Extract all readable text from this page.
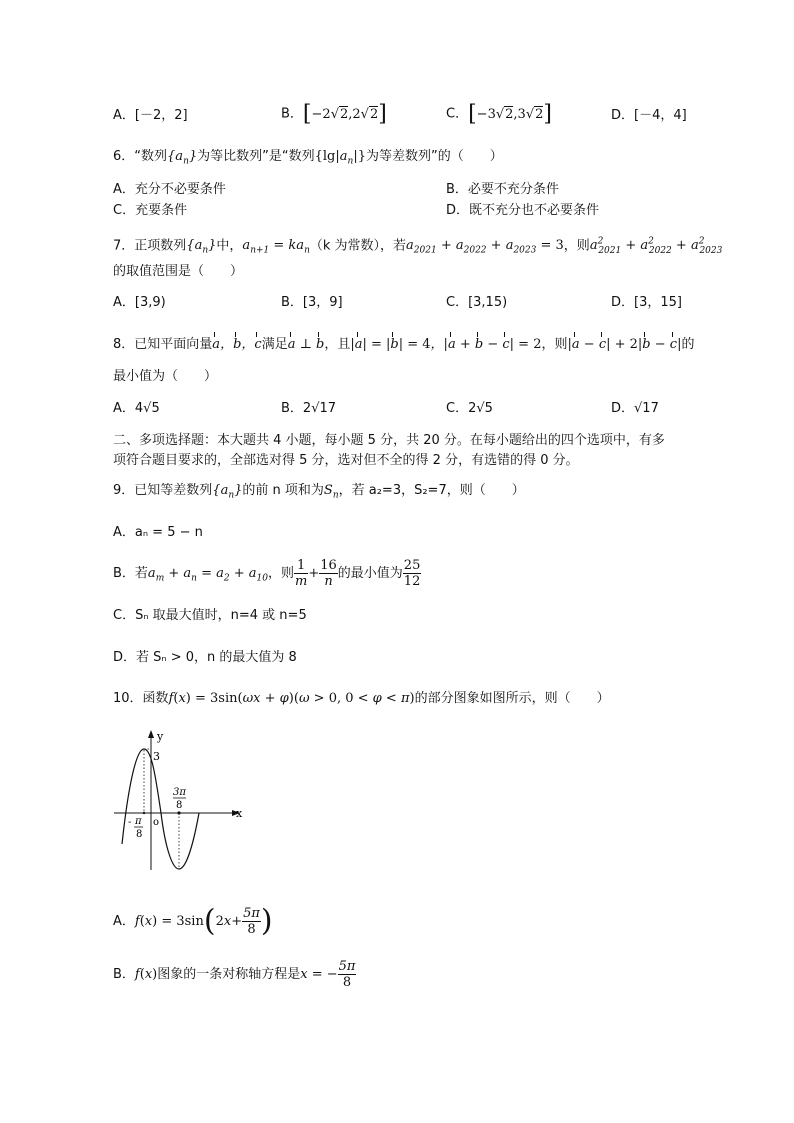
A．[－2，2]	B．[−2√2,2√2]	C．[−3√2,3√2]	D．[－4，4]
6．“数列$\{a_n\}$为等比数列”是“数列$\{\lg|a_n|\}$为等差数列”的（　　）
A．充分不必要条件	B．必要不充分条件
C．充要条件	D．既不充分也不必要条件
7．正项数列$\{a_n\}$中，$a_{n+1} = ka_n(k$ 为常数），若$a_{2021} + a_{2022} + a_{2023} = 3$，则$a^2_{2021} + a^2_{2022} + a^2_{2023}$
的取值范围是（　　）
A．[3,9)	B．[3，9]	C．[3,15)	D．[3，15]
8．已知平面向量a，b，c满足a ⊥ b，且|a| = |b| = 4，|a + b − c| = 2，则|a − c| + 2|b − c|的
最小值为（　　）
A．4√5	B．2√17	C．2√5	D．√17
二、多项选择题：本大题共 4 小题，每小题 5 分，共 20 分。在每小题给出的四个选项中，有多
项符合题目要求的，全部选对得 5 分，选对但不全的得 2 分，有选错的得 0 分。
9．已知等差数列$\{a_n\}$的前 n 项和为$S_n$，若 a₂=3，S₂=7，则（　　）
A．aₙ = 5 − n
B．若$a_m + a_n = a_2 + a_{10}$，则 $\frac{1}{m} + \frac{16}{n}$ 的最小值为 $\frac{25}{12}$
C．Sₙ 取最大值时，n=4 或 n=5
D．若 Sₙ > 0，n 的最大值为 8
10．函数f(x) = 3sin(ωx + φ)(ω > 0, 0 < φ < π)的部分图象如图所示，则（　　）
y
x
3
o
3π
8
- π
8
A．$f(x) = 3\sin(2x+ \frac{5\pi}{8}$ )
B．f(x)图象的一条对称轴方程是x = − $\frac{5\pi}{8}$
